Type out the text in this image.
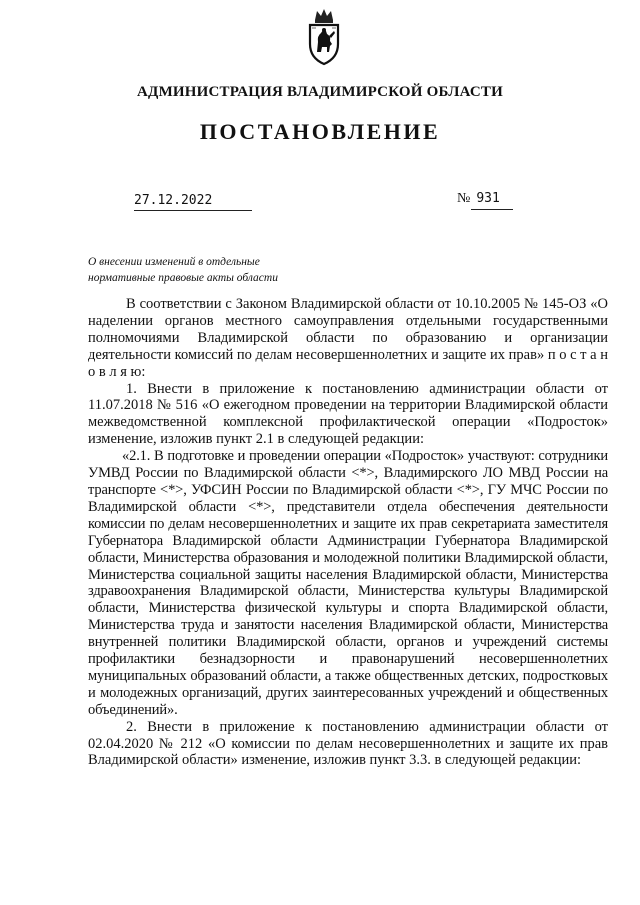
АДМИНИСТРАЦИЯ ВЛАДИМИРСКОЙ ОБЛАСТИ
ПОСТАНОВЛЕНИЕ
27.12.2022	№ 931
О внесении изменений в отдельные
нормативные правовые акты области
В соответствии с Законом Владимирской области от 10.10.2005 № 145-ОЗ «О наделении органов местного самоуправления отдельными государственными полномочиями Владимирской области по образованию и организации деятельности комиссий по делам несовершеннолетних и защите их прав» п о с т а н о в л я ю:
1. Внести в приложение к постановлению администрации области от 11.07.2018 № 516 «О ежегодном проведении на территории Владимирской области межведомственной комплексной профилактической операции «Подросток» изменение, изложив пункт 2.1 в следующей редакции:
«2.1. В подготовке и проведении операции «Подросток» участвуют: сотрудники УМВД России по Владимирской области <*>, Владимирского ЛО МВД России на транспорте <*>, УФСИН России по Владимирской области <*>, ГУ МЧС России по Владимирской области <*>, представители отдела обеспечения деятельности комиссии по делам несовершеннолетних и защите их прав секретариата заместителя Губернатора Владимирской области Администрации Губернатора Владимирской области, Министерства образования и молодежной политики Владимирской области, Министерства социальной защиты населения Владимирской области, Министерства здравоохранения Владимирской области, Министерства культуры Владимирской области, Министерства физической культуры и спорта Владимирской области, Министерства труда и занятости населения Владимирской области, Министерства внутренней политики Владимирской области, органов и учреждений системы профилактики безнадзорности и правонарушений несовершеннолетних муниципальных образований области, а также общественных детских, подростковых и молодежных организаций, других заинтересованных учреждений и общественных объединений».
2. Внести в приложение к постановлению администрации области от 02.04.2020 № 212 «О комиссии по делам несовершеннолетних и защите их прав Владимирской области» изменение, изложив пункт 3.3. в следующей редакции:
